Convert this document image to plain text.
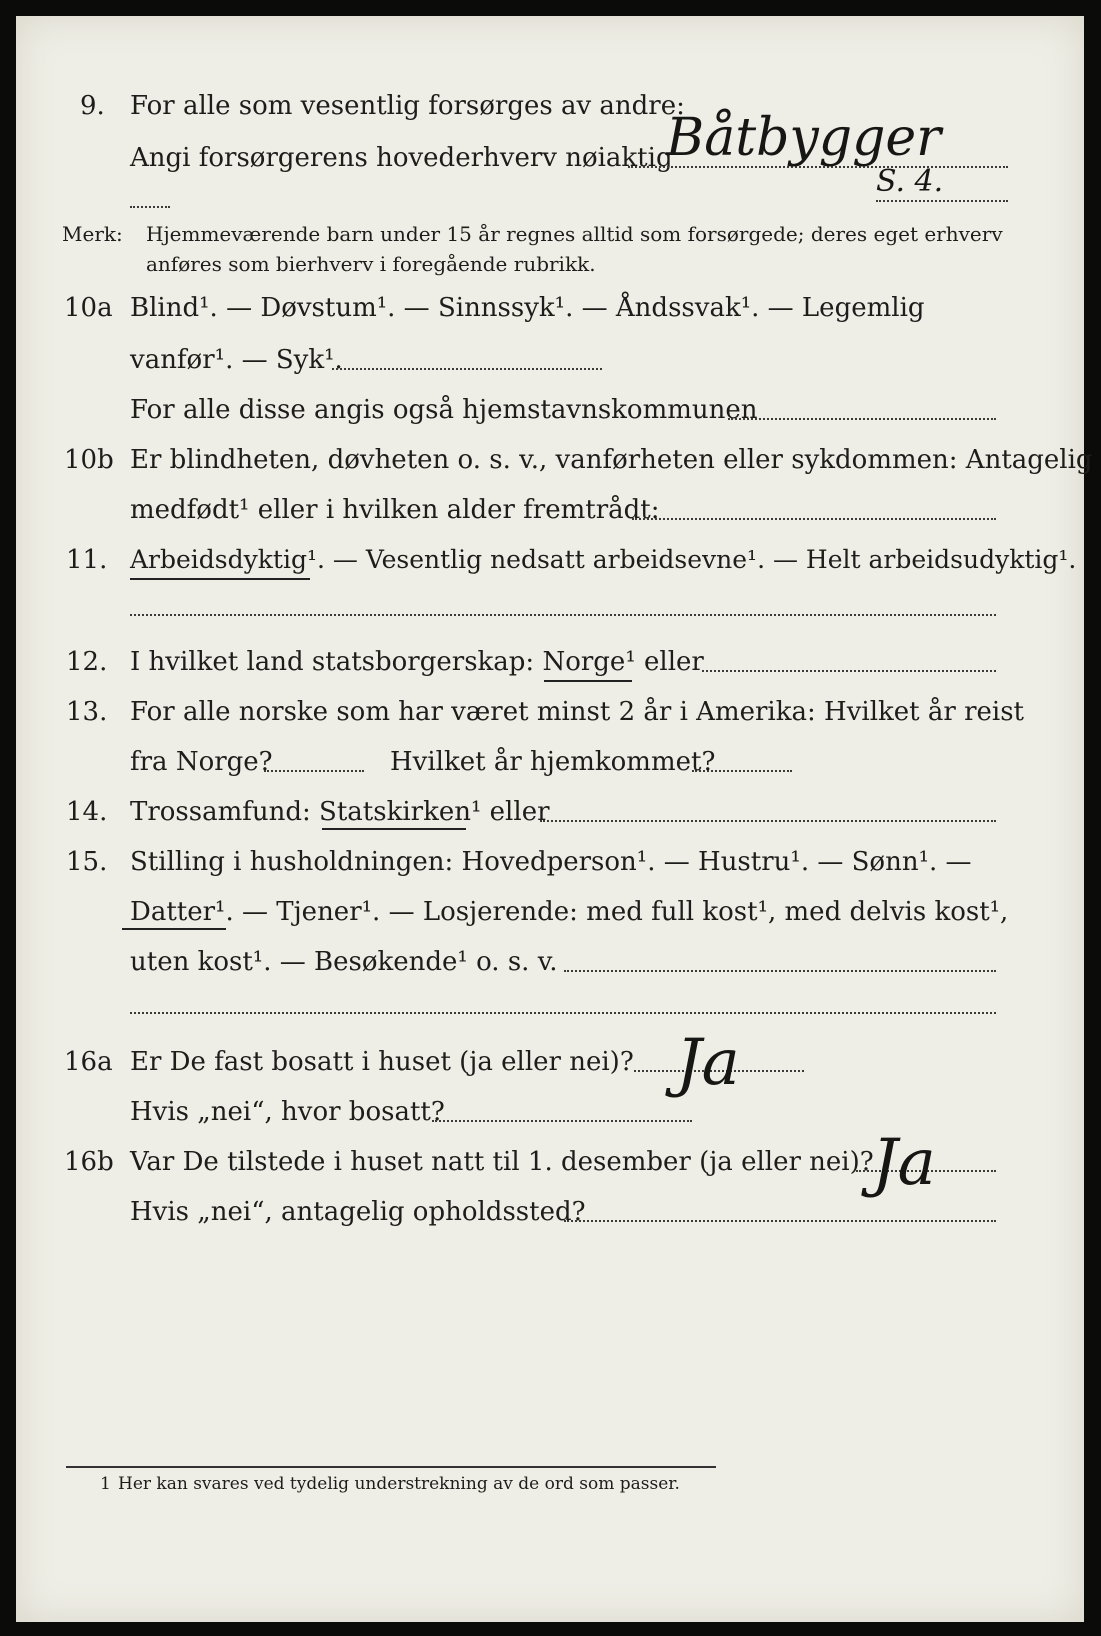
9. For alle som vesentlig forsørges av andre:
Angi forsørgerens hovederhverv nøiaktig
Båtbygger
S. 4.
Merk: Hjemmeværende barn under 15 år regnes alltid som forsørgede; deres eget erhverv
anføres som bierhverv i foregående rubrikk.
10a Blind¹. — Døvstum¹. — Sinnssyk¹. — Åndssvak¹. — Legemlig
vanfør¹. — Syk¹.
For alle disse angis også hjemstavnskommunen
10b Er blindheten, døvheten o. s. v., vanførheten eller sykdommen: Antagelig
medfødt¹ eller i hvilken alder fremtrådt:
11. Arbeidsdyktig¹. — Vesentlig nedsatt arbeidsevne¹. — Helt arbeidsudyktig¹.
12. I hvilket land statsborgerskap: Norge¹ eller
13. For alle norske som har været minst 2 år i Amerika: Hvilket år reist
fra Norge?	Hvilket år hjemkommet?
14. Trossamfund: Statskirken¹ eller
15. Stilling i husholdningen: Hovedperson¹. — Hustru¹. — Sønn¹. —
Datter¹. — Tjener¹. — Losjerende: med full kost¹, med delvis kost¹,
uten kost¹. — Besøkende¹ o. s. v.
16a Er De fast bosatt i huset (ja eller nei)? Ja
Hvis „nei“, hvor bosatt?
16b Var De tilstede i huset natt til 1. desember (ja eller nei)?
Ja
Hvis „nei“, antagelig opholdssted?
1 Her kan svares ved tydelig understrekning av de ord som passer.
